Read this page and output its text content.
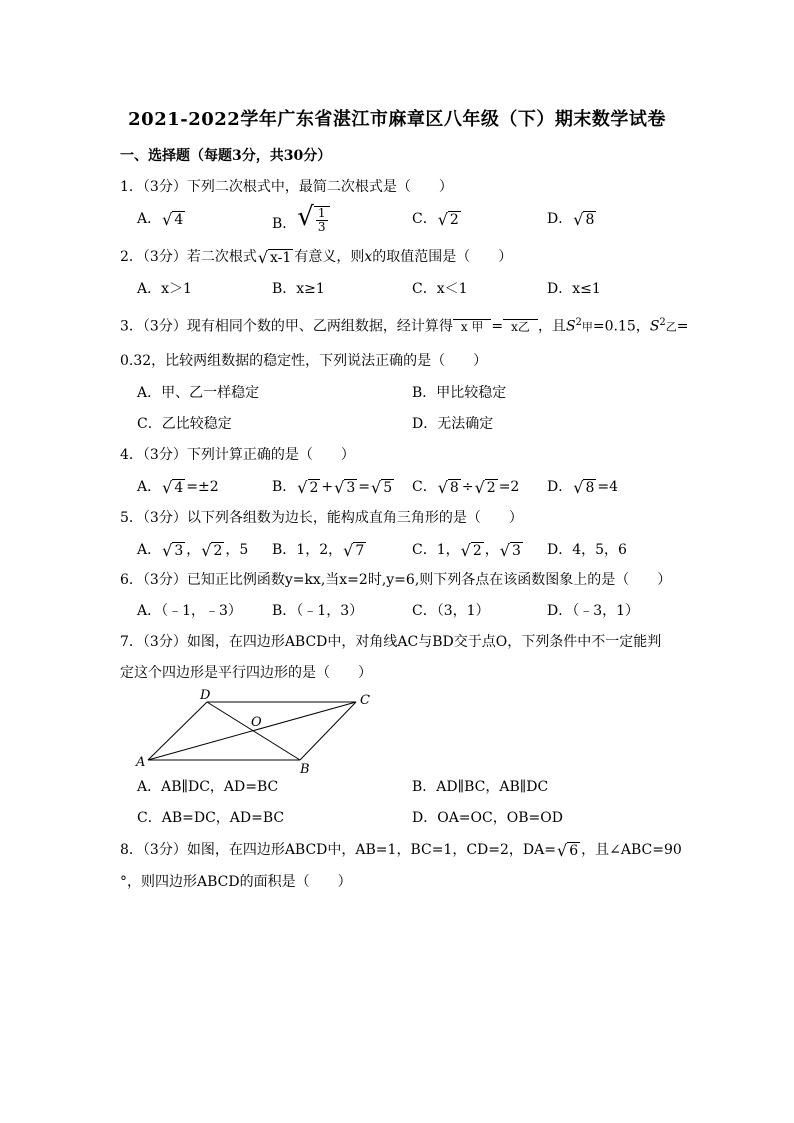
2021-2022学年广东省湛江市麻章区八年级（下）期末数学试卷
一、选择题（每题3分，共30分）
1．（3分）下列二次根式中，最简二次根式是（　　）
A． √ 4	B． √ $\frac{1}{3}$	C． √ 2	D． √ 8
2．（3分）若二次根式 √ x-1 有意义，则x的取值范围是（　　）
A．x＞1	B．x≥1	C．x＜1	D．x≤1
3．（3分）现有相同个数的甲、乙两组数据，经计算得 x 甲 = x乙 ，且$S^2$甲=0.15，$S^2$乙=
0.32，比较两组数据的稳定性，下列说法正确的是（　　）
A．甲、乙一样稳定	B．甲比较稳定
C．乙比较稳定	D．无法确定
4．（3分）下列计算正确的是（　　）
A． √ 4 =±2	B． √ 2 + √ 3 = √ 5 C． √ 8 ÷ √ 2 =2 D． √ 8 =4
5．（3分）以下列各组数为边长，能构成直角三角形的是（　　）
A． √ 3 ， √ 2 ，5 B．1，2， √ 7	C．1， √ 2 ， √ 3 D．4，5，6
6．（3分）已知正比例函数y=kx,当x=2时,y=6,则下列各点在该函数图象上的是（　　）
A．（﹣1，﹣3） B．（﹣1，3）	C．（3，1）	D．（﹣3，1）
7．（3分）如图，在四边形ABCD中，对角线AC与BD交于点O，下列条件中不一定能判
定这个四边形是平行四边形的是（　　）
D	C
O
A	B
A．AB∥DC，AD=BC	B．AD∥BC，AB∥DC
C．AB=DC，AD=BC	D．OA=OC，OB=OD
8．（3分）如图，在四边形ABCD中，AB=1，BC=1，CD=2，DA= √ 6 ，且∠ABC=90
°，则四边形ABCD的面积是（　　）
